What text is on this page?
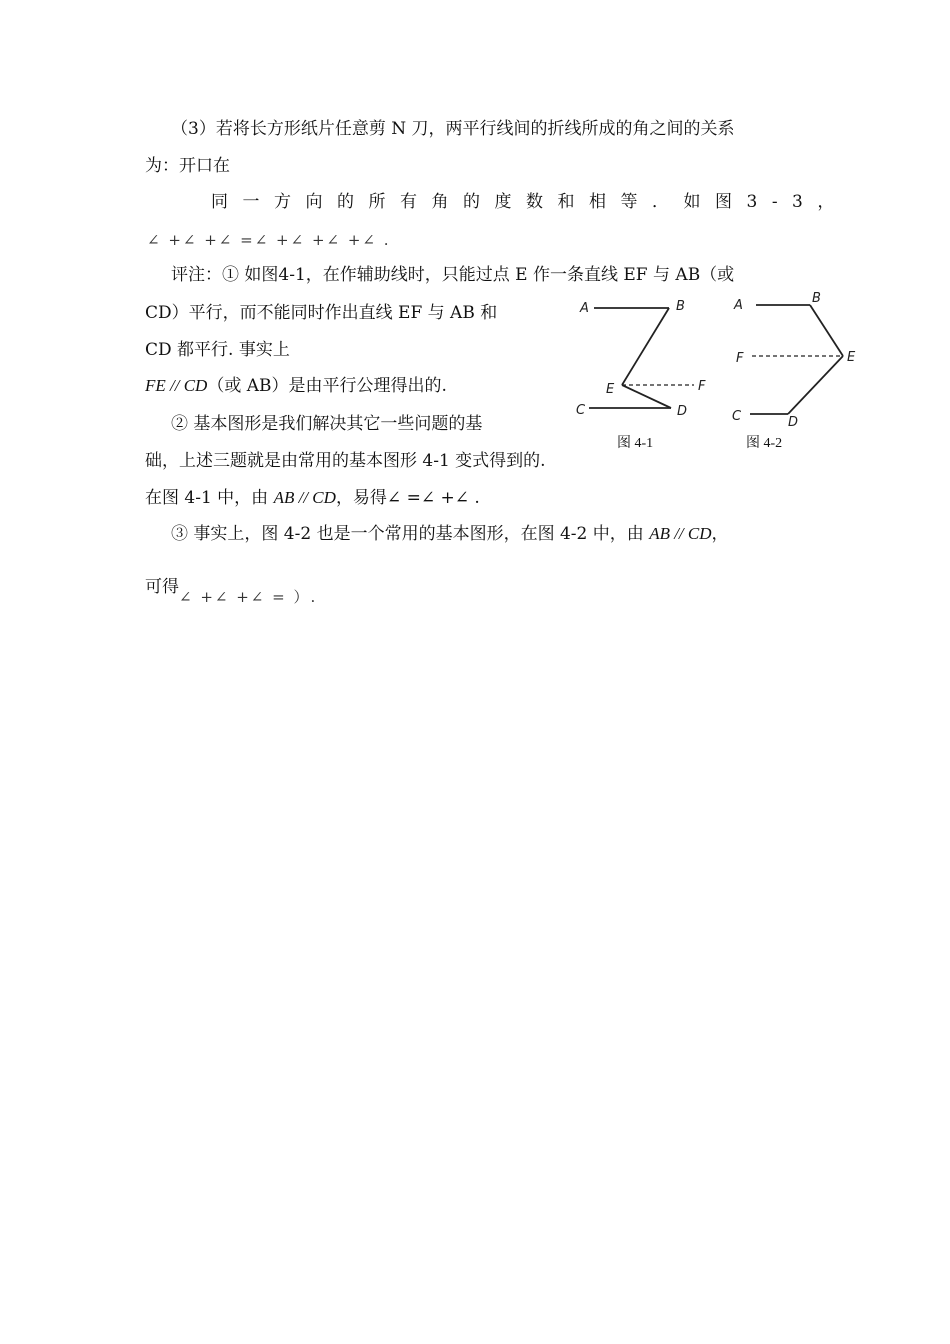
（3）若将长方形纸片任意剪 N 刀，两平行线间的折线所成的角之间的关系
为：开口在
同一方向的所有角的度数和相等．如图3-3，
∠ +∠ +∠ =∠ +∠ +∠ +∠ .
评注：① 如图4-1，在作辅助线时，只能过点 E 作一条直线 EF 与 AB（或
CD）平行，而不能同时作出直线 EF 与 AB 和
CD 都平行. 事实上
FE // CD（或 AB）是由平行公理得出的.
② 基本图形是我们解决其它一些问题的基
础，上述三题就是由常用的基本图形 4-1 变式得到的.
在图 4-1 中，由 AB // CD，易得∠ =∠ +∠ .
③ 事实上，图 4-2 也是一个常用的基本图形，在图 4-2 中，由 AB // CD，
可得∠ +∠ +∠ = ）.
A	B
E	F
C	D
图 4-1
A	B
F	E
C	D
图 4-2
